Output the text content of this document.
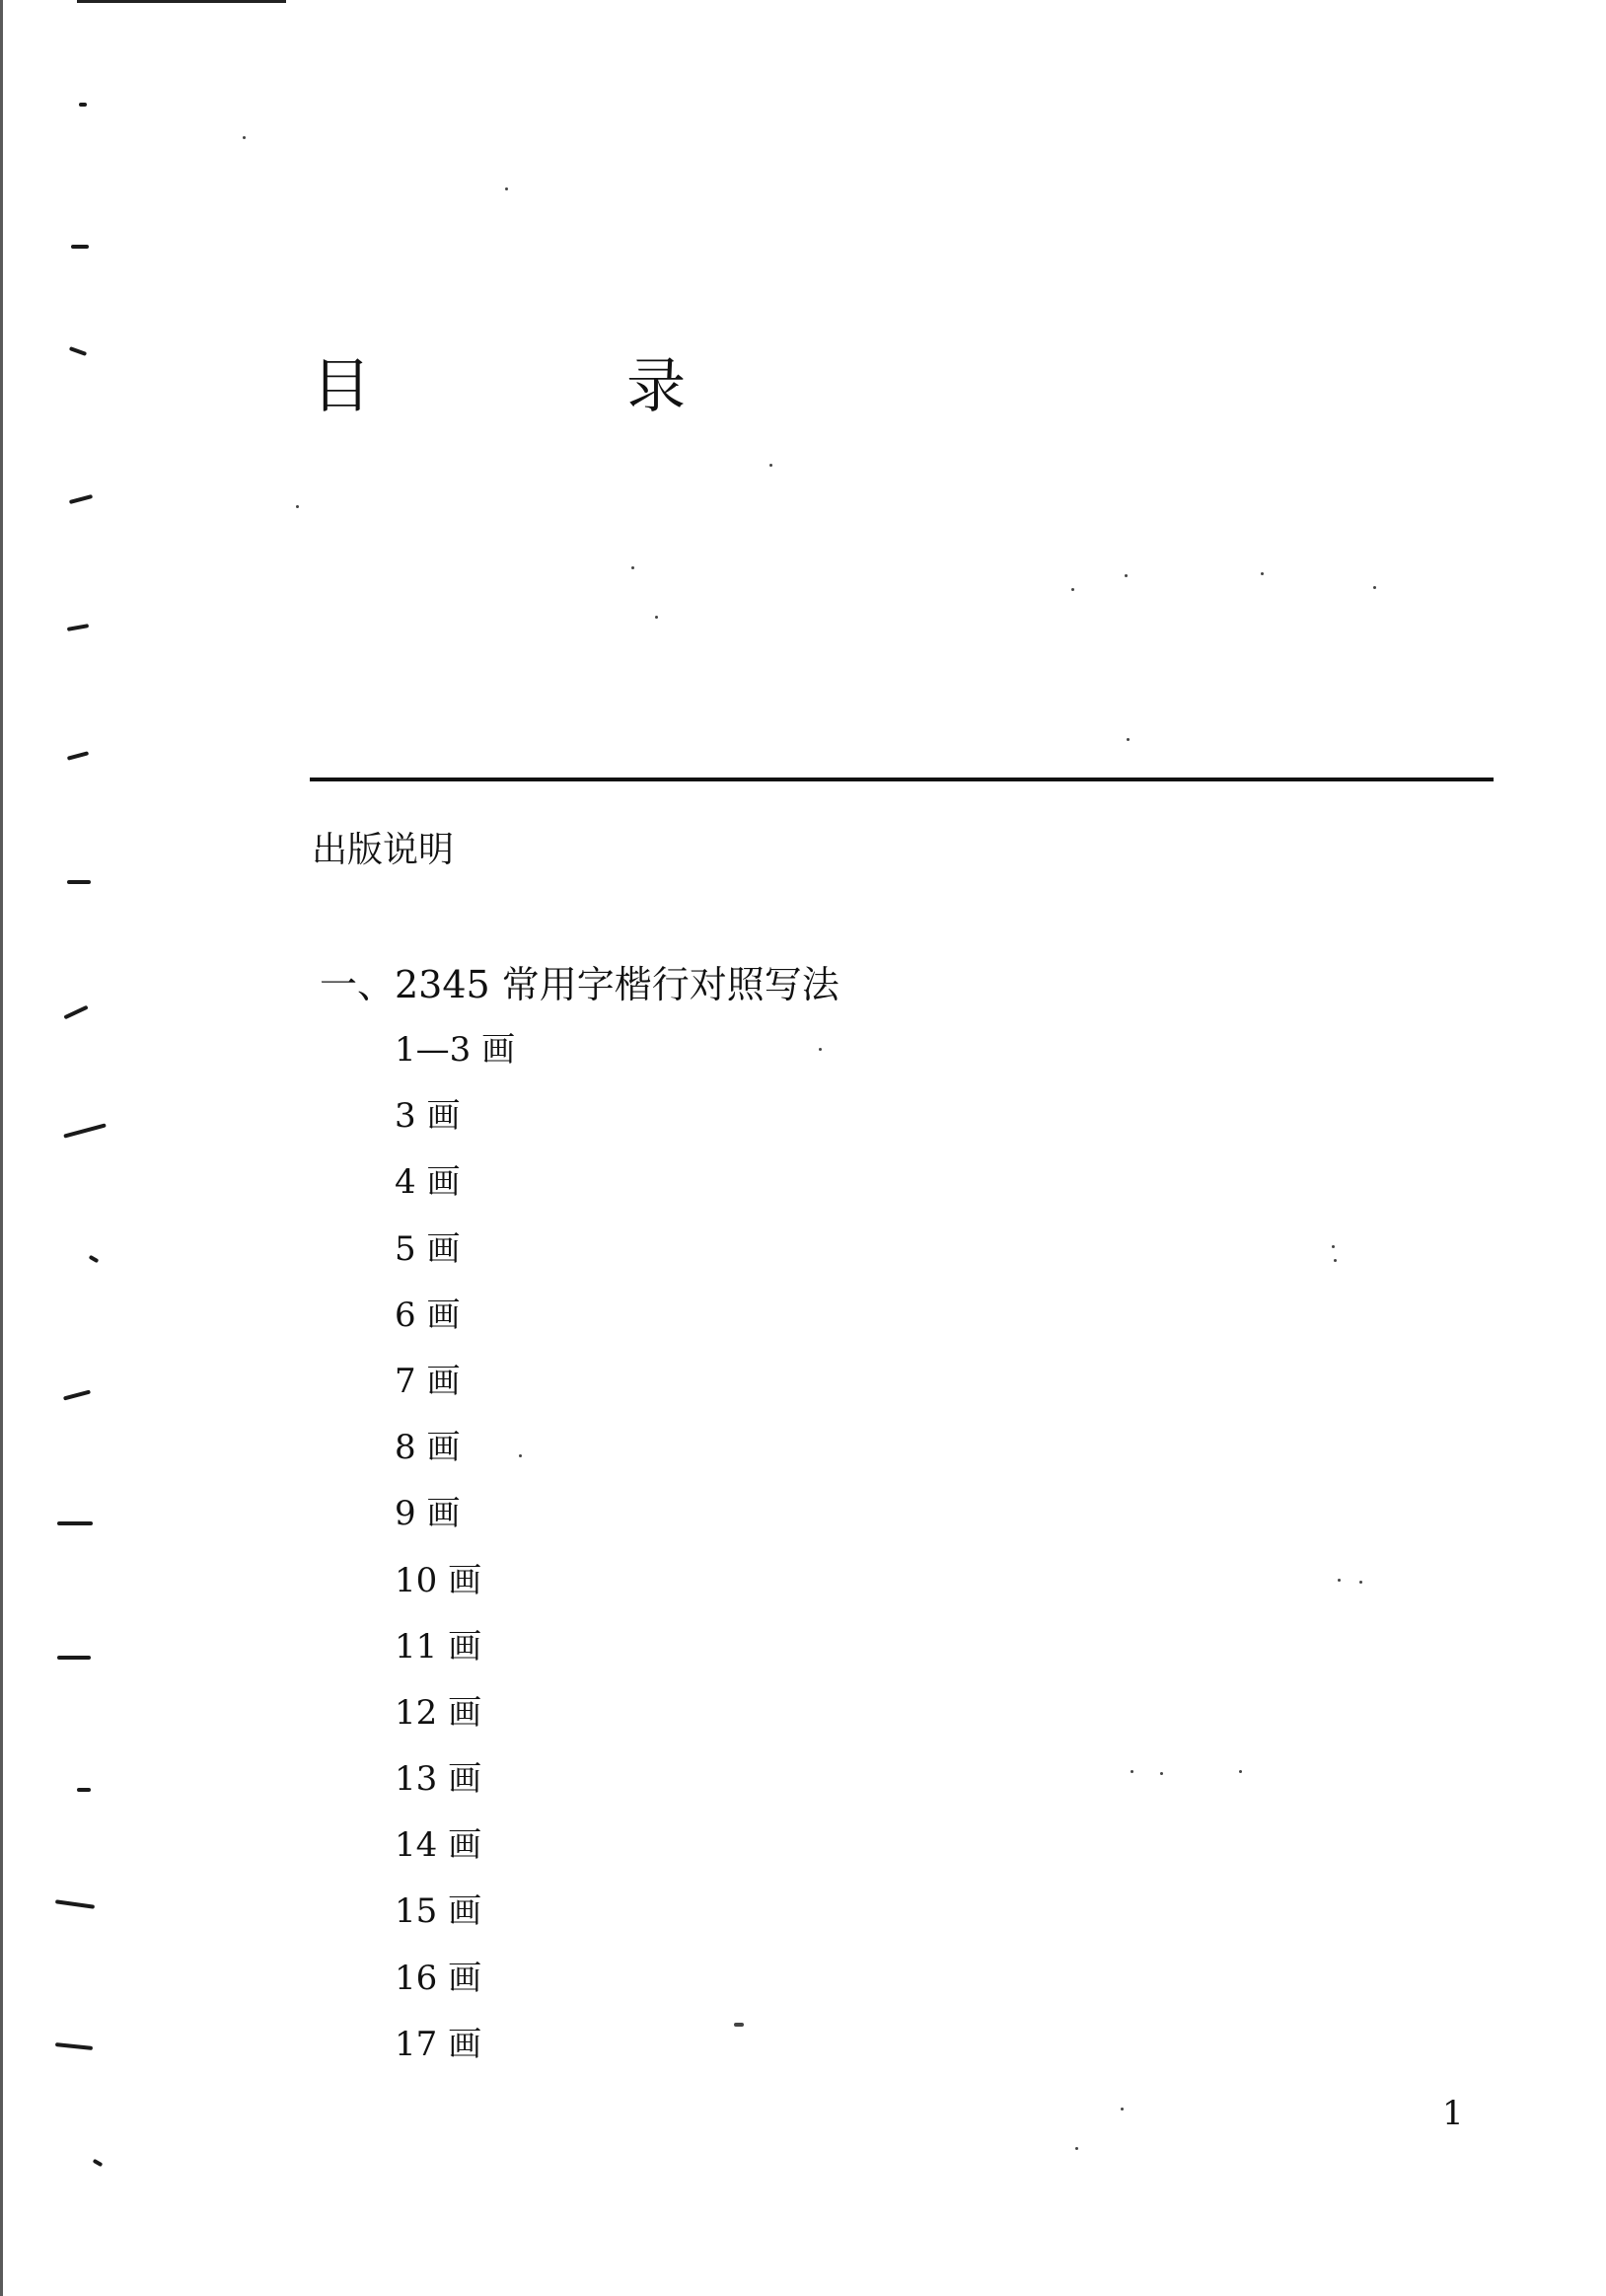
目 录

出版说明

一、2345 常用字楷行对照写法

1—3 画
3 画
4 画
5 画
6 画
7 画
8 画
9 画
10 画
11 画
12 画
13 画
14 画
15 画
16 画
17 画
1
